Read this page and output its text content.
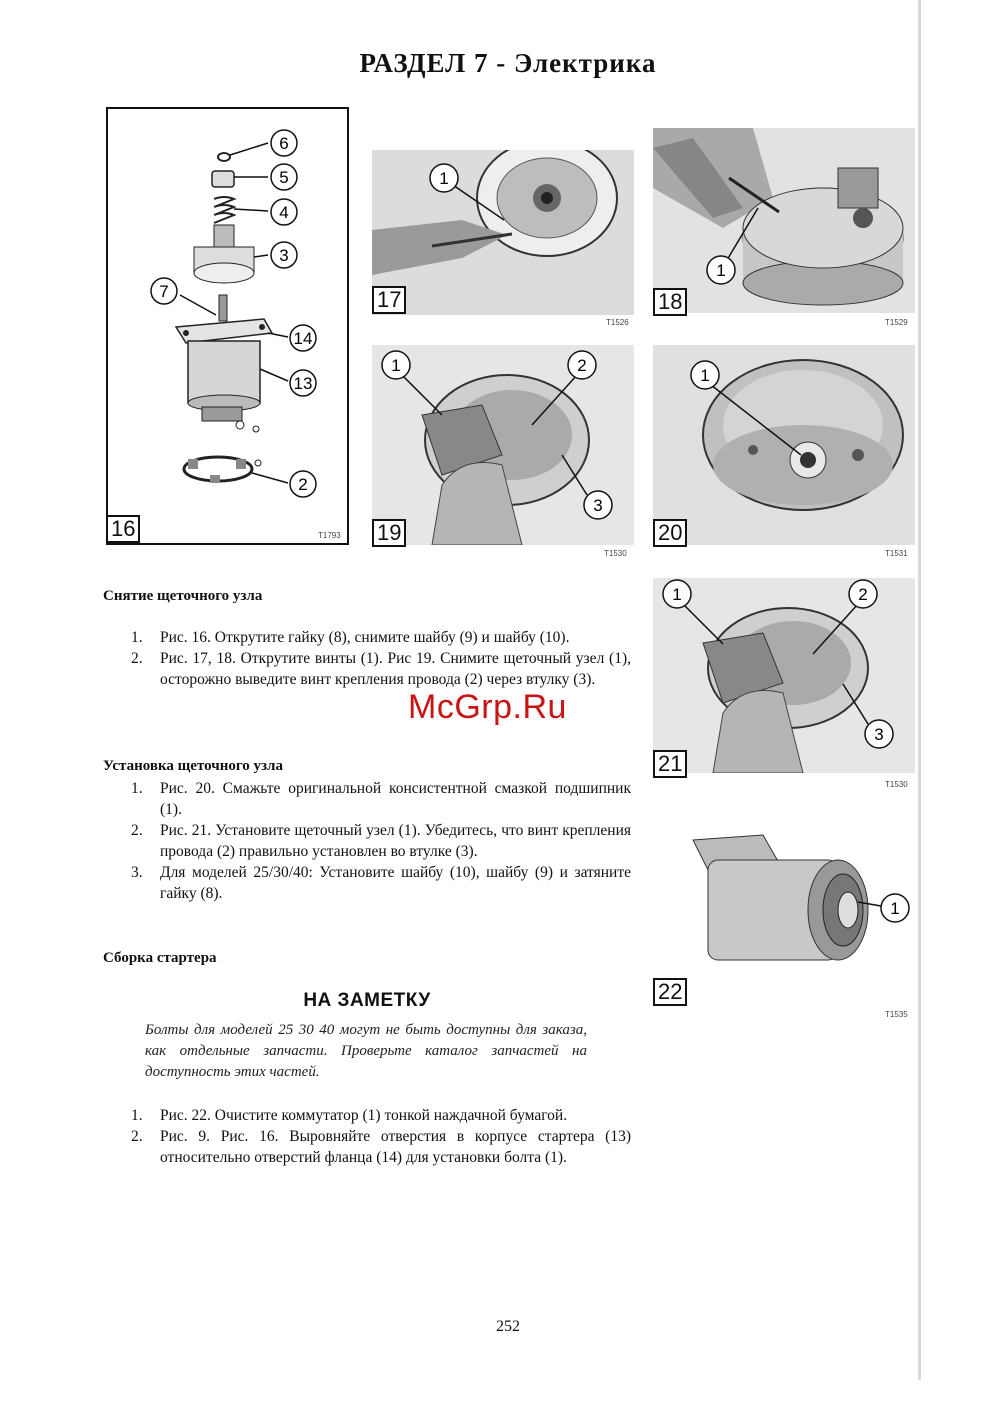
РАЗДЕЛ 7 - Электрика
6
5
4
3
7
14
13
2
16	T1793
1
17
T1526
1
18
T1529
1	2
3
19
T1530
1
20
T1531
1	2
3
21
T1530
1
22
T1535
Снятие щеточного узла
1. Рис. 16. Открутите гайку (8), снимите шайбу (9) и шайбу (10).
2. Рис. 17, 18. Открутите винты (1). Рис 19. Снимите щеточный узел (1), осторожно выведите винт крепления провода (2) через втулку (3).
Установка щеточного узла
1. Рис. 20. Смажьте оригинальной консистентной смазкой подшипник (1).
2. Рис. 21. Установите щеточный узел (1). Убедитесь, что винт крепления провода (2) правильно установлен во втулке (3).
3. Для моделей 25/30/40: Установите шайбу (10), шайбу (9) и затяните гайку (8).
Сборка стартера
НА ЗАМЕТКУ
Болты для моделей 25 30 40 могут не быть доступны для заказа, как отдельные запчасти. Проверьте каталог запчастей на доступность этих частей.
1. Рис. 22. Очистите коммутатор (1) тонкой наждачной бумагой.
2. Рис. 9. Рис. 16. Выровняйте отверстия в корпусе стартера (13) относительно отверстий фланца (14) для установки болта (1).
McGrp.Ru
252
